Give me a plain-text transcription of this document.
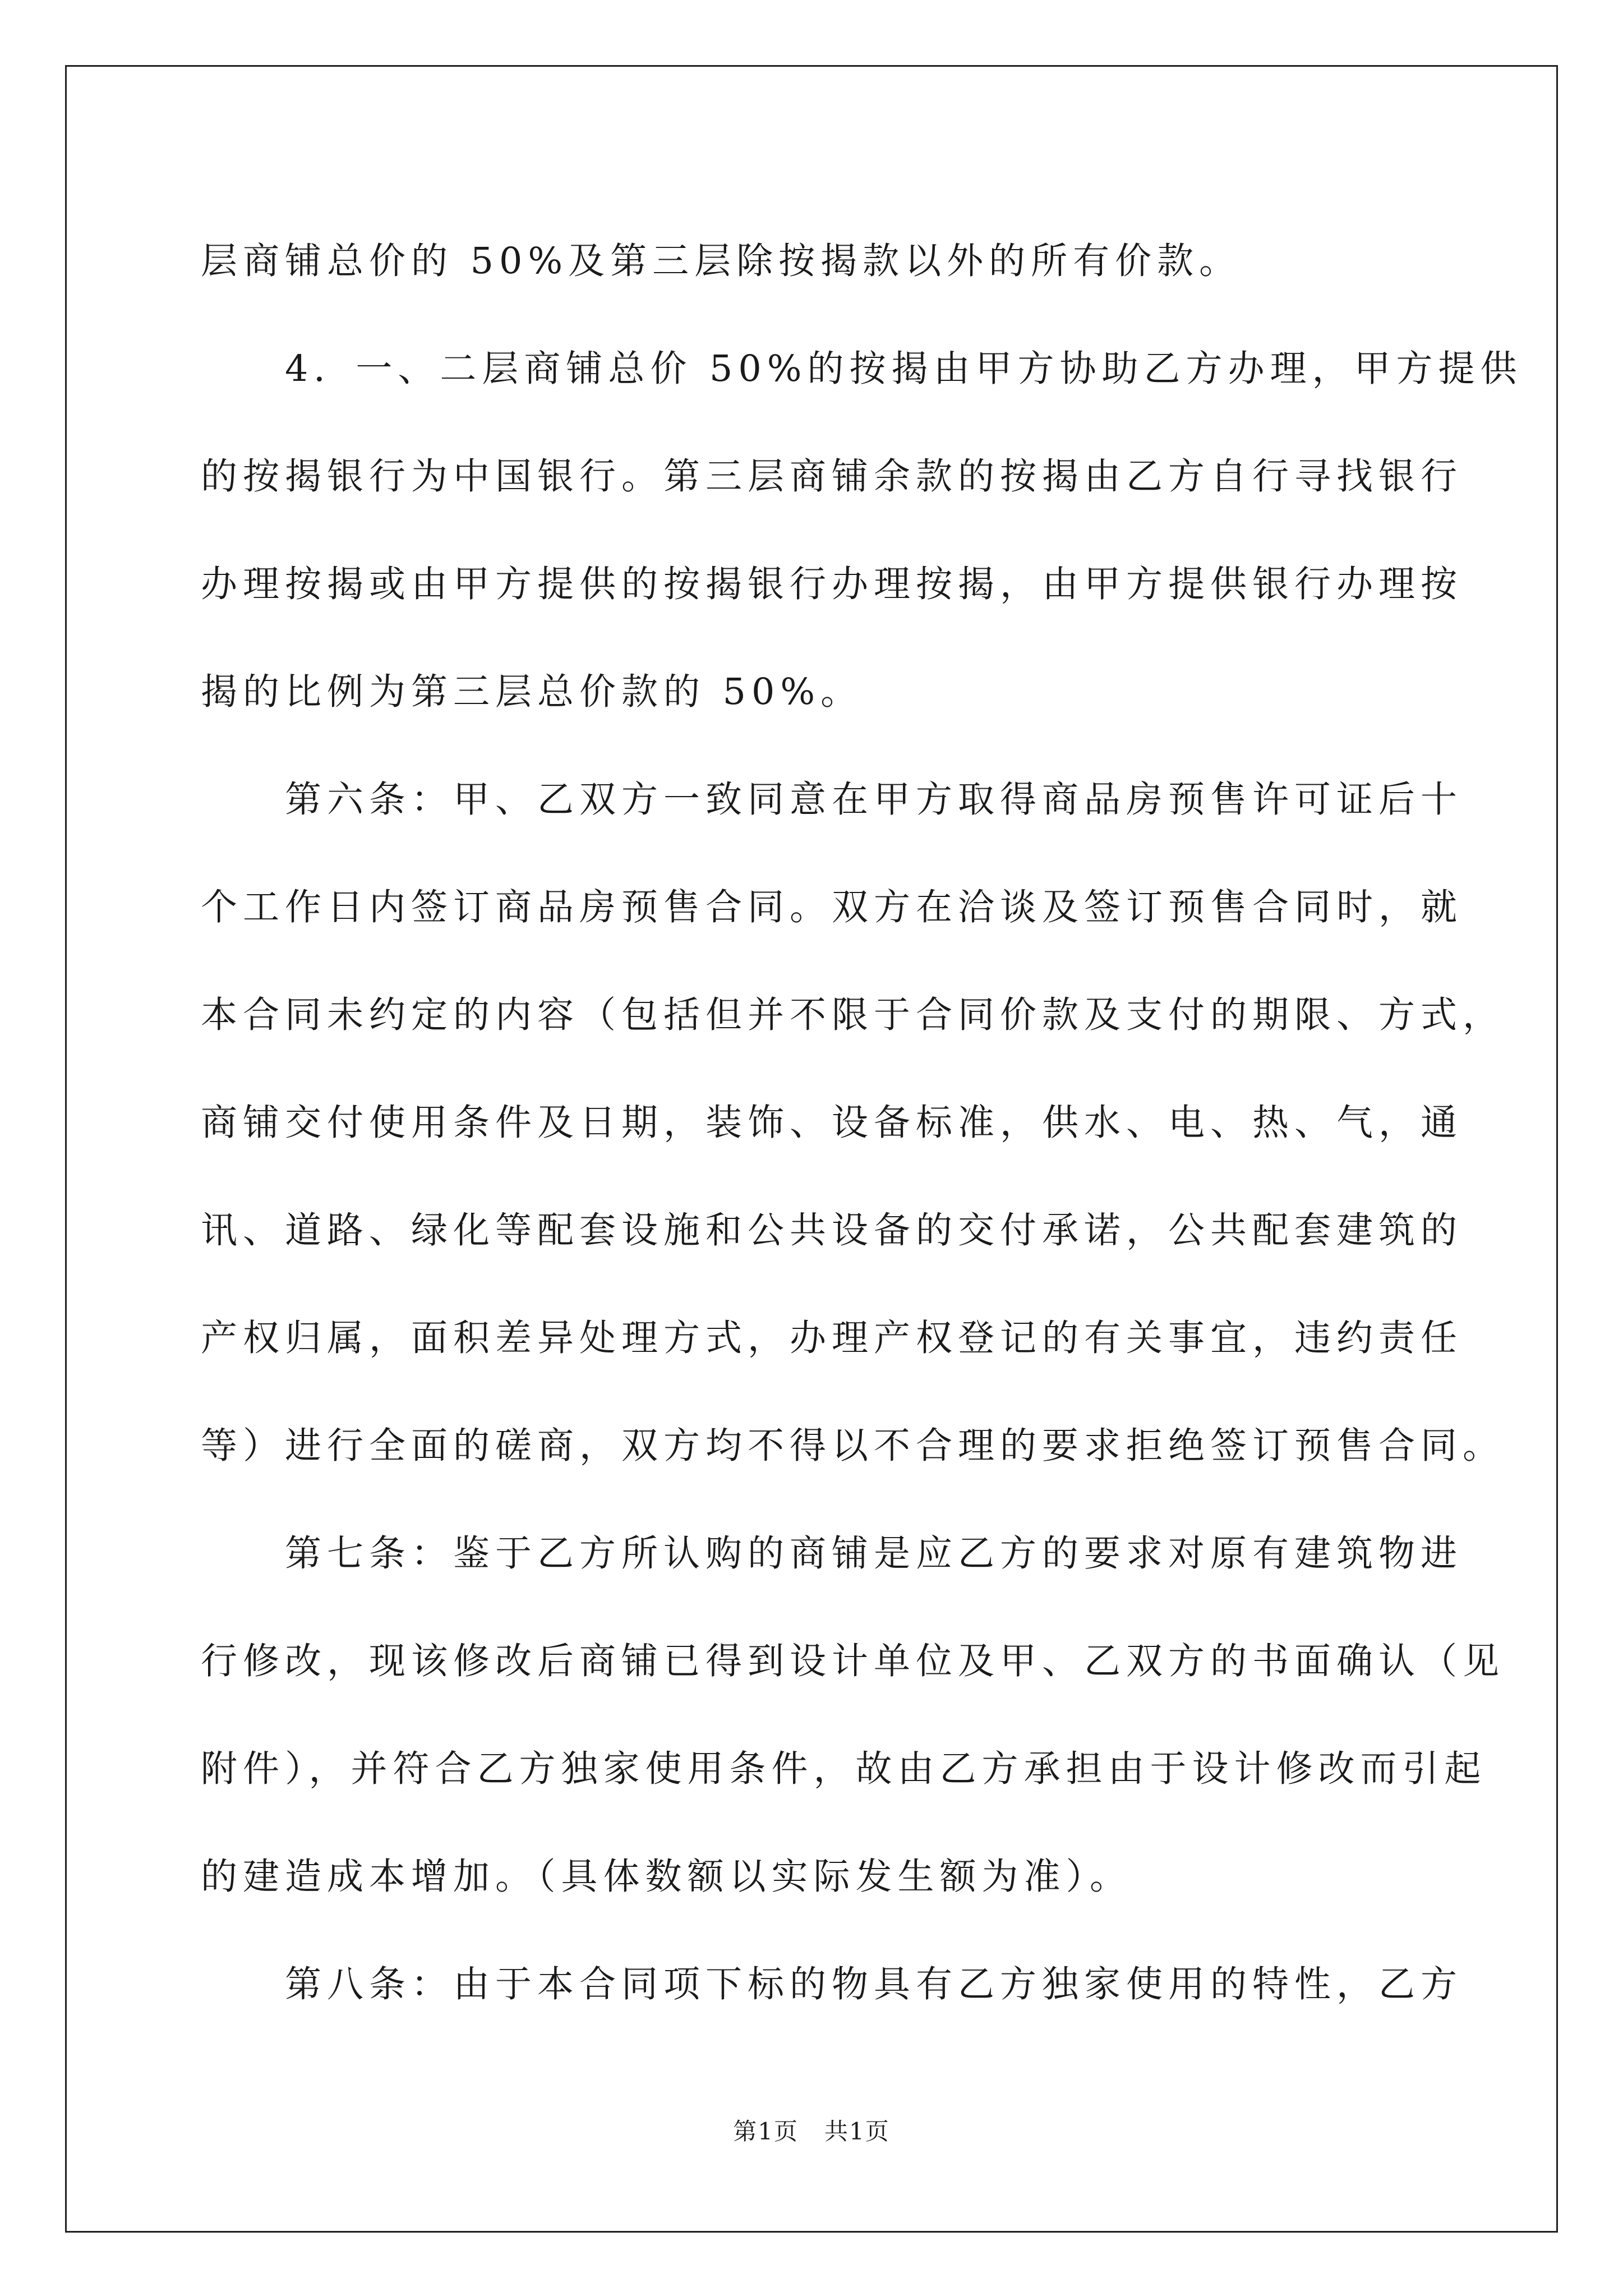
层商铺总价的 50%及第三层除按揭款以外的所有价款。

4．一、二层商铺总价 50%的按揭由甲方协助乙方办理，甲方提供

的按揭银行为中国银行。第三层商铺余款的按揭由乙方自行寻找银行

办理按揭或由甲方提供的按揭银行办理按揭，由甲方提供银行办理按

揭的比例为第三层总价款的 50%。

第六条：甲、乙双方一致同意在甲方取得商品房预售许可证后十

个工作日内签订商品房预售合同。双方在洽谈及签订预售合同时，就

本合同未约定的内容（包括但并不限于合同价款及支付的期限、方式，

商铺交付使用条件及日期，装饰、设备标准，供水、电、热、气，通

讯、道路、绿化等配套设施和公共设备的交付承诺，公共配套建筑的

产权归属，面积差异处理方式，办理产权登记的有关事宜，违约责任

等）进行全面的磋商，双方均不得以不合理的要求拒绝签订预售合同。

第七条：鉴于乙方所认购的商铺是应乙方的要求对原有建筑物进

行修改，现该修改后商铺已得到设计单位及甲、乙双方的书面确认（见

附件），并符合乙方独家使用条件，故由乙方承担由于设计修改而引起

的建造成本增加。（具体数额以实际发生额为准）。

第八条：由于本合同项下标的物具有乙方独家使用的特性，乙方

第1页   共1页
